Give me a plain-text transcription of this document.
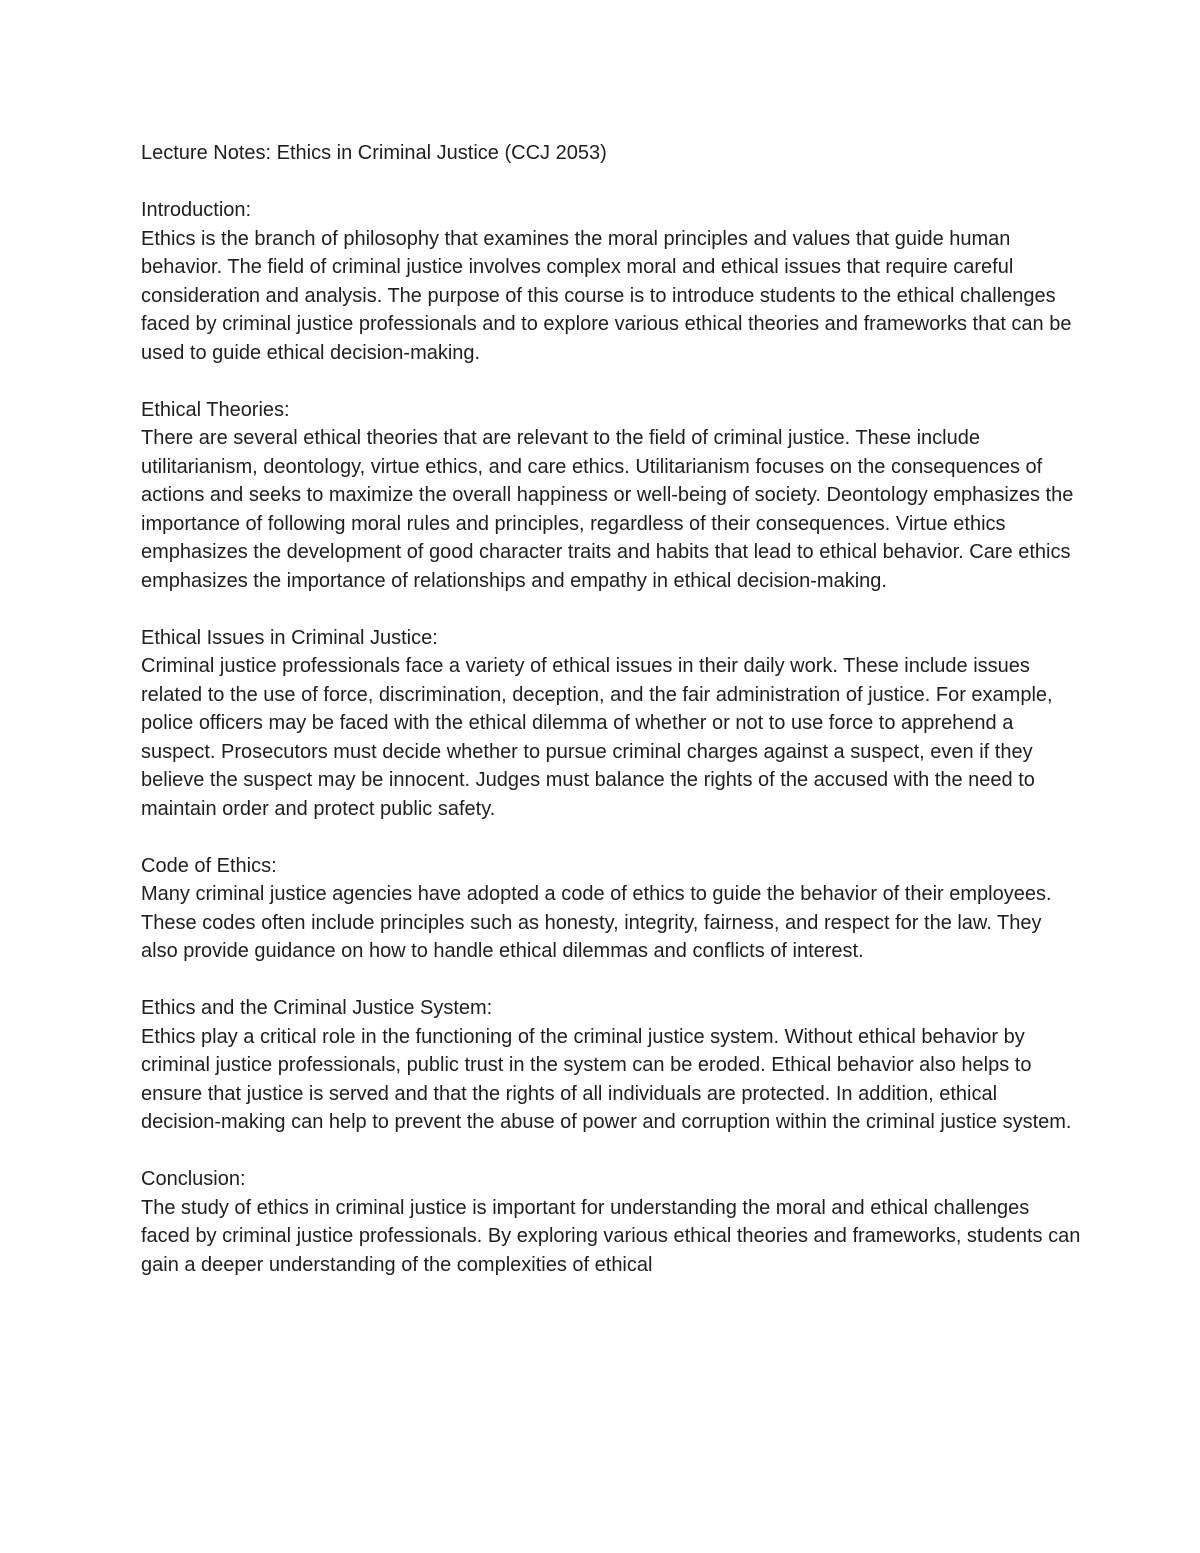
Lecture Notes: Ethics in Criminal Justice (CCJ 2053)

Introduction:

Ethics is the branch of philosophy that examines the moral principles and values that guide human behavior. The field of criminal justice involves complex moral and ethical issues that require careful consideration and analysis. The purpose of this course is to introduce students to the ethical challenges faced by criminal justice professionals and to explore various ethical theories and frameworks that can be used to guide ethical decision-making.

Ethical Theories:

There are several ethical theories that are relevant to the field of criminal justice. These include utilitarianism, deontology, virtue ethics, and care ethics. Utilitarianism focuses on the consequences of actions and seeks to maximize the overall happiness or well-being of society. Deontology emphasizes the importance of following moral rules and principles, regardless of their consequences. Virtue ethics emphasizes the development of good character traits and habits that lead to ethical behavior. Care ethics emphasizes the importance of relationships and empathy in ethical decision-making.

Ethical Issues in Criminal Justice:

Criminal justice professionals face a variety of ethical issues in their daily work. These include issues related to the use of force, discrimination, deception, and the fair administration of justice. For example, police officers may be faced with the ethical dilemma of whether or not to use force to apprehend a suspect. Prosecutors must decide whether to pursue criminal charges against a suspect, even if they believe the suspect may be innocent. Judges must balance the rights of the accused with the need to maintain order and protect public safety.

Code of Ethics:

Many criminal justice agencies have adopted a code of ethics to guide the behavior of their employees. These codes often include principles such as honesty, integrity, fairness, and respect for the law. They also provide guidance on how to handle ethical dilemmas and conflicts of interest.

Ethics and the Criminal Justice System:

Ethics play a critical role in the functioning of the criminal justice system. Without ethical behavior by criminal justice professionals, public trust in the system can be eroded. Ethical behavior also helps to ensure that justice is served and that the rights of all individuals are protected. In addition, ethical decision-making can help to prevent the abuse of power and corruption within the criminal justice system.

Conclusion:

The study of ethics in criminal justice is important for understanding the moral and ethical challenges faced by criminal justice professionals. By exploring various ethical theories and frameworks, students can gain a deeper understanding of the complexities of ethical
